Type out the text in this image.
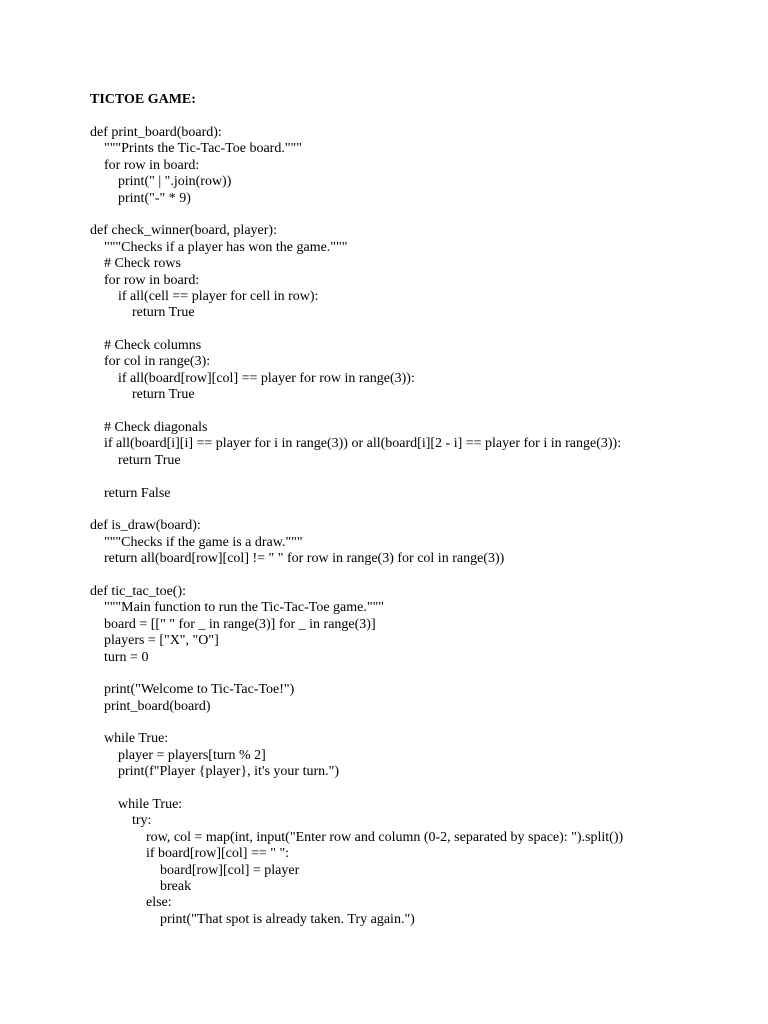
TICTOE GAME:
def print_board(board):
"""Prints the Tic-Tac-Toe board."""
for row in board:
print(" | ".join(row))
print("-" * 9)
def check_winner(board, player):
"""Checks if a player has won the game."""
# Check rows
for row in board:
if all(cell == player for cell in row):
return True
# Check columns
for col in range(3):
if all(board[row][col] == player for row in range(3)):
return True
# Check diagonals
if all(board[i][i] == player for i in range(3)) or all(board[i][2 - i] == player for i in range(3)):
return True
return False
def is_draw(board):
"""Checks if the game is a draw."""
return all(board[row][col] != " " for row in range(3) for col in range(3))
def tic_tac_toe():
"""Main function to run the Tic-Tac-Toe game."""
board = [[" " for _ in range(3)] for _ in range(3)]
players = ["X", "O"]
turn = 0
print("Welcome to Tic-Tac-Toe!")
print_board(board)
while True:
player = players[turn % 2]
print(f"Player {player}, it's your turn.")
while True:
try:
row, col = map(int, input("Enter row and column (0-2, separated by space): ").split())
if board[row][col] == " ":
board[row][col] = player
break
else:
print("That spot is already taken. Try again.")
